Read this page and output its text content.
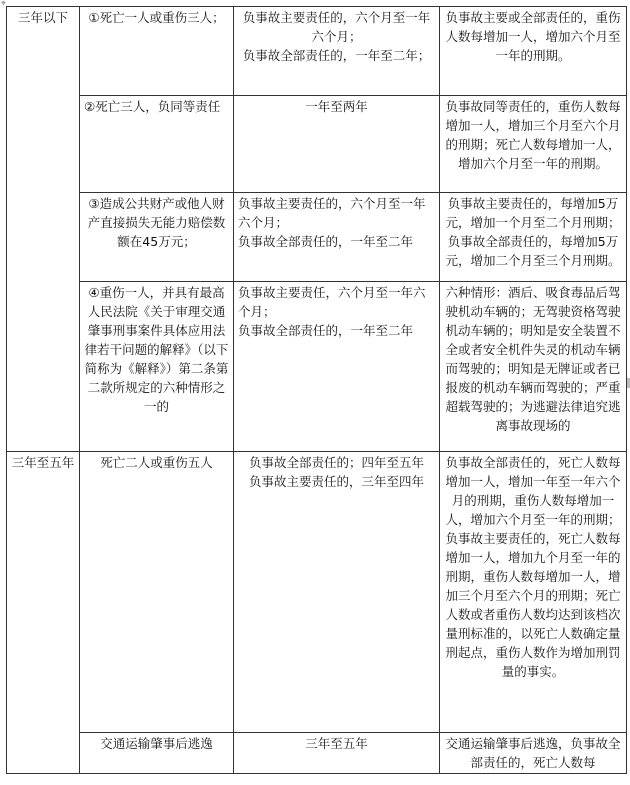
⌖
三年以下	①死亡一人或重伤三人；	负事故主要责任的，六个月至一年六个月；
负事故全部责任的，一年至二年；	负事故主要或全部责任的，重伤人数每增加一人，增加六个月至一年的刑期。
	②死亡三人，负同等责任	一年至两年	负事故同等责任的，重伤人数每增加一人，增加三个月至六个月的刑期；死亡人数每增加一人，增加六个月至一年的刑期。
	③造成公共财产或他人财产直接损失无能力赔偿数额在45万元；	负事故主要责任的，六个月至一年六个月；
负事故全部责任的，一年至二年	负事故主要责任的，每增加5万元，增加一个月至二个月刑期；负事故全部责任的，每增加5万元，增加二个月至三个月刑期。
	④重伤一人，并具有最高人民法院《关于审理交通肇事刑事案件具体应用法律若干问题的解释》（以下简称为《解释》）第二条第二款所规定的六种情形之一的	负事故主要责任，六个月至一年六个月；
负事故全部责任的，一年至二年	六种情形：酒后、吸食毒品后驾驶机动车辆的；无驾驶资格驾驶机动车辆的；明知是安全装置不全或者安全机件失灵的机动车辆而驾驶的；明知是无牌证或者已报废的机动车辆而驾驶的；严重超载驾驶的；为逃避法律追究逃离事故现场的
三年至五年	死亡二人或重伤五人	负事故全部责任的；四年至五年
负事故主要责任的，三年至四年	负事故全部责任的，死亡人数每增加一人，增加一年至一年六个月的刑期，重伤人数每增加一人，增加六个月至一年的刑期；负事故主要责任的，死亡人数每增加一人，增加九个月至一年的刑期，重伤人数每增加一人，增加三个月至六个月的刑期；死亡人数或者重伤人数均达到该档次量刑标准的，以死亡人数确定量刑起点，重伤人数作为增加刑罚量的事实。
	交通运输肇事后逃逸	三年至五年	交通运输肇事后逃逸，负事故全部责任的，死亡人数每
